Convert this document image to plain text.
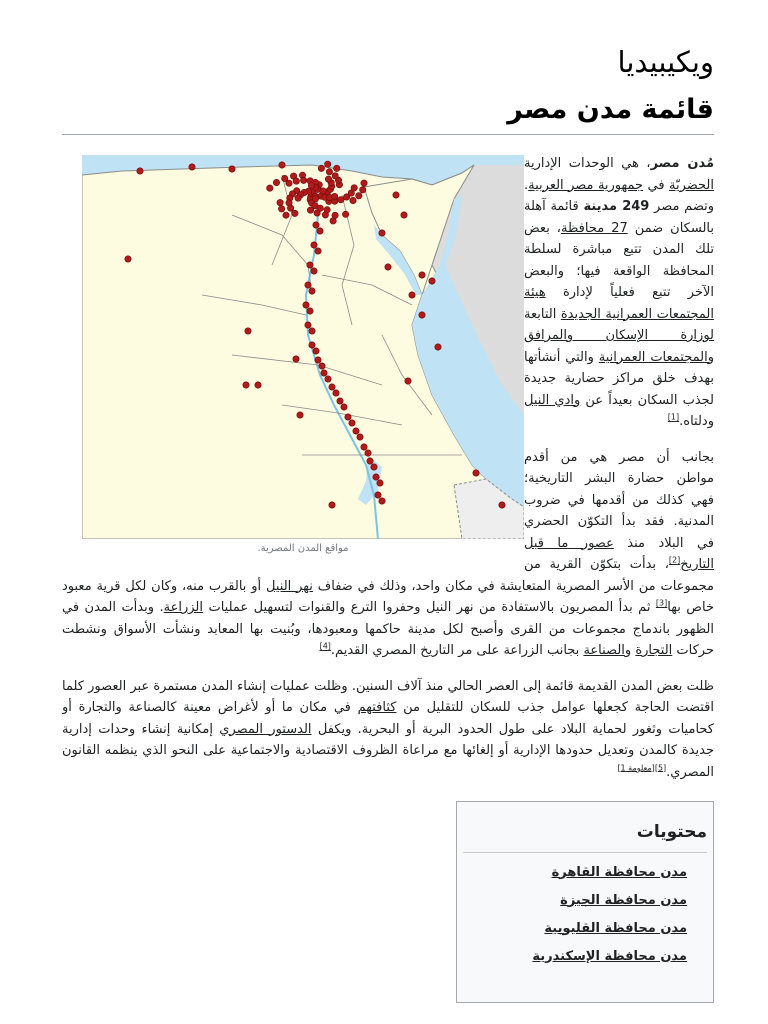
ويكيبيديا
قائمة مدن مصر
مواقع المدن المصرية.

مُدن مصر، هي الوحدات الإدارية الحضريّة في جمهورية مصر العربية. وتضم مصر 249 مدينة قائمة آهلة بالسكان ضمن 27 محافظة، بعض تلك المدن تتبع مباشرة لسلطة المحافظة الواقعة فيها؛ والبعض الآخر تتبع فعلياً لإدارة هيئة المجتمعات العمرانية الجديدة التابعة لوزارة الإسكان والمرافق والمجتمعات العمرانية والتي أنشأتها بهدف خلق مراكز حضارية جديدة لجذب السكان بعيداً عن وادي النيل ودلتاه.[1]

بجانب أن مصر هي من أقدم مواطن حضارة البشر التاريخية؛ فهي كذلك من أقدمها في ضروب المدنية. فقد بدأ التكوّن الحضري في البلاد منذ عصور ما قبل التاريخ[2]، بدأت بتكوّن القرية من مجموعات من الأسر المصرية المتعايشة في مكان واحد، وذلك في ضفاف نهر النيل أو بالقرب منه، وكان لكل قرية معبود خاص بها[3] ثم بدأ المصريون بالاستفادة من نهر النيل وحفروا الترع والقنوات لتسهيل عمليات الزراعة. وبدأت المدن في الظهور باندماج مجموعات من القرى وأصبح لكل مدينة حاكمها ومعبودها، وبُنيت بها المعابد ونشأت الأسواق ونشطت حركات التجارة والصناعة بجانب الزراعة على مر التاريخ المصري القديم.[4]

ظلت بعض المدن القديمة قائمة إلى العصر الحالي منذ آلاف السنين. وظلت عمليات إنشاء المدن مستمرة عبر العصور كلما اقتضت الحاجة كجعلها عوامل جذب للسكان للتقليل من كثافتهم في مكان ما أو لأغراض معينة كالصناعة والتجارة أو كحاميات وثغور لحماية البلاد على طول الحدود البرية أو البحرية. ويكفل الدستور المصري إمكانية إنشاء وحدات إدارية جديدة كالمدن وتعديل حدودها الإدارية أو إلغائها مع مراعاة الظروف الاقتصادية والاجتماعية على النحو الذي ينظمه القانون المصري.[5][معلومة 1]

محتويات
مدن محافظة القاهرة
مدن محافظة الجيزة
مدن محافظة القليوبية
مدن محافظة الإسكندرية
